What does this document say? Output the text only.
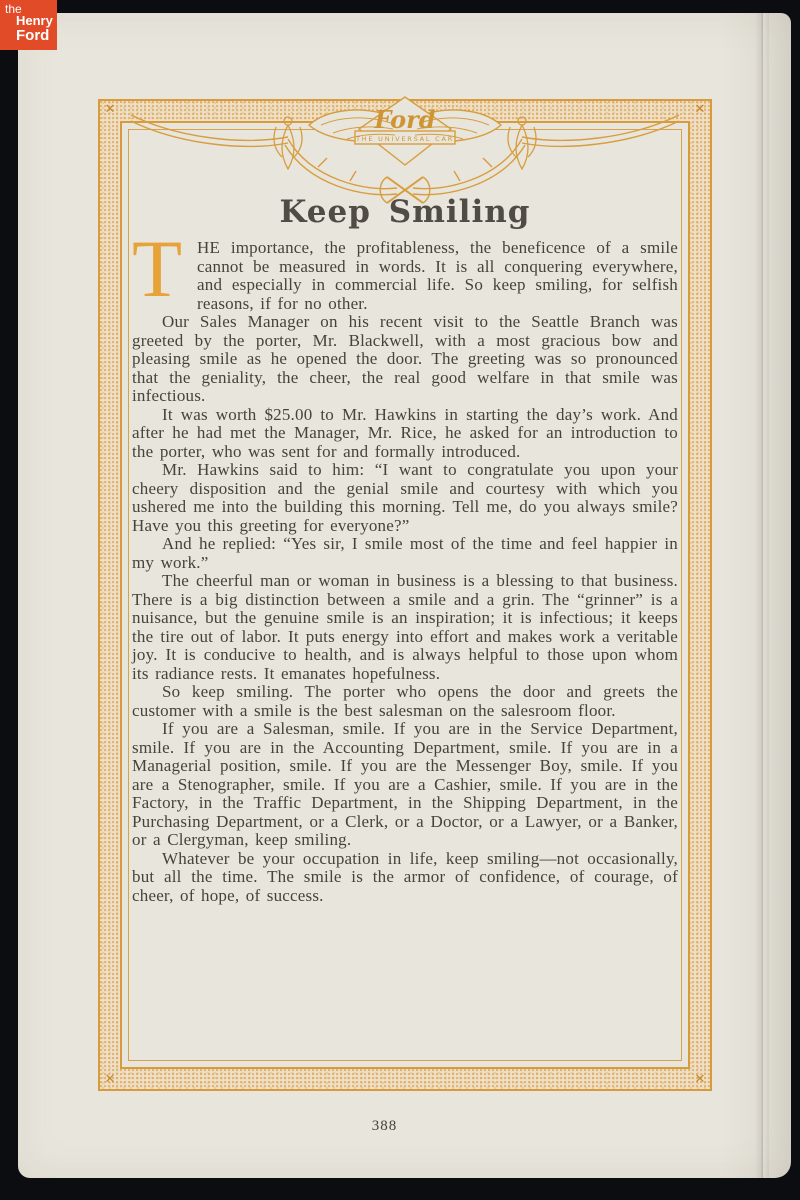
✕	✕
✕	✕
Ford
THE UNIVERSAL CAR
Keep Smiling

THE importance, the profitableness, the beneficence of a smile cannot be measured in words. It is all conquering everywhere, and especially in commercial life. So keep smiling, for selfish reasons, if for no other.

Our Sales Manager on his recent visit to the Seattle Branch was greeted by the porter, Mr. Blackwell, with a most gracious bow and pleasing smile as he opened the door. The greeting was so pronounced that the geniality, the cheer, the real good welfare in that smile was infectious.

It was worth $25.00 to Mr. Hawkins in starting the day’s work. And after he had met the Manager, Mr. Rice, he asked for an introduction to the porter, who was sent for and formally introduced.

Mr. Hawkins said to him: “I want to congratulate you upon your cheery disposition and the genial smile and courtesy with which you ushered me into the building this morning. Tell me, do you always smile? Have you this greeting for everyone?”

And he replied: “Yes sir, I smile most of the time and feel happier in my work.”

The cheerful man or woman in business is a blessing to that business. There is a big distinction between a smile and a grin. The “grinner” is a nuisance, but the genuine smile is an inspiration; it is infectious; it keeps the tire out of labor. It puts energy into effort and makes work a veritable joy. It is conducive to health, and is always helpful to those upon whom its radiance rests. It emanates hopefulness.

So keep smiling. The porter who opens the door and greets the customer with a smile is the best salesman on the salesroom floor.

If you are a Salesman, smile. If you are in the Service Department, smile. If you are in the Accounting Department, smile. If you are in a Managerial position, smile. If you are the Messenger Boy, smile. If you are a Stenographer, smile. If you are a Cashier, smile. If you are in the Factory, in the Traffic Department, in the Shipping Department, in the Purchasing Department, or a Clerk, or a Doctor, or a Lawyer, or a Banker, or a Clergyman, keep smiling.

Whatever be your occupation in life, keep smiling—not occasionally, but all the time. The smile is the armor of confidence, of courage, of cheer, of hope, of success.

388
the
Henry
Ford
